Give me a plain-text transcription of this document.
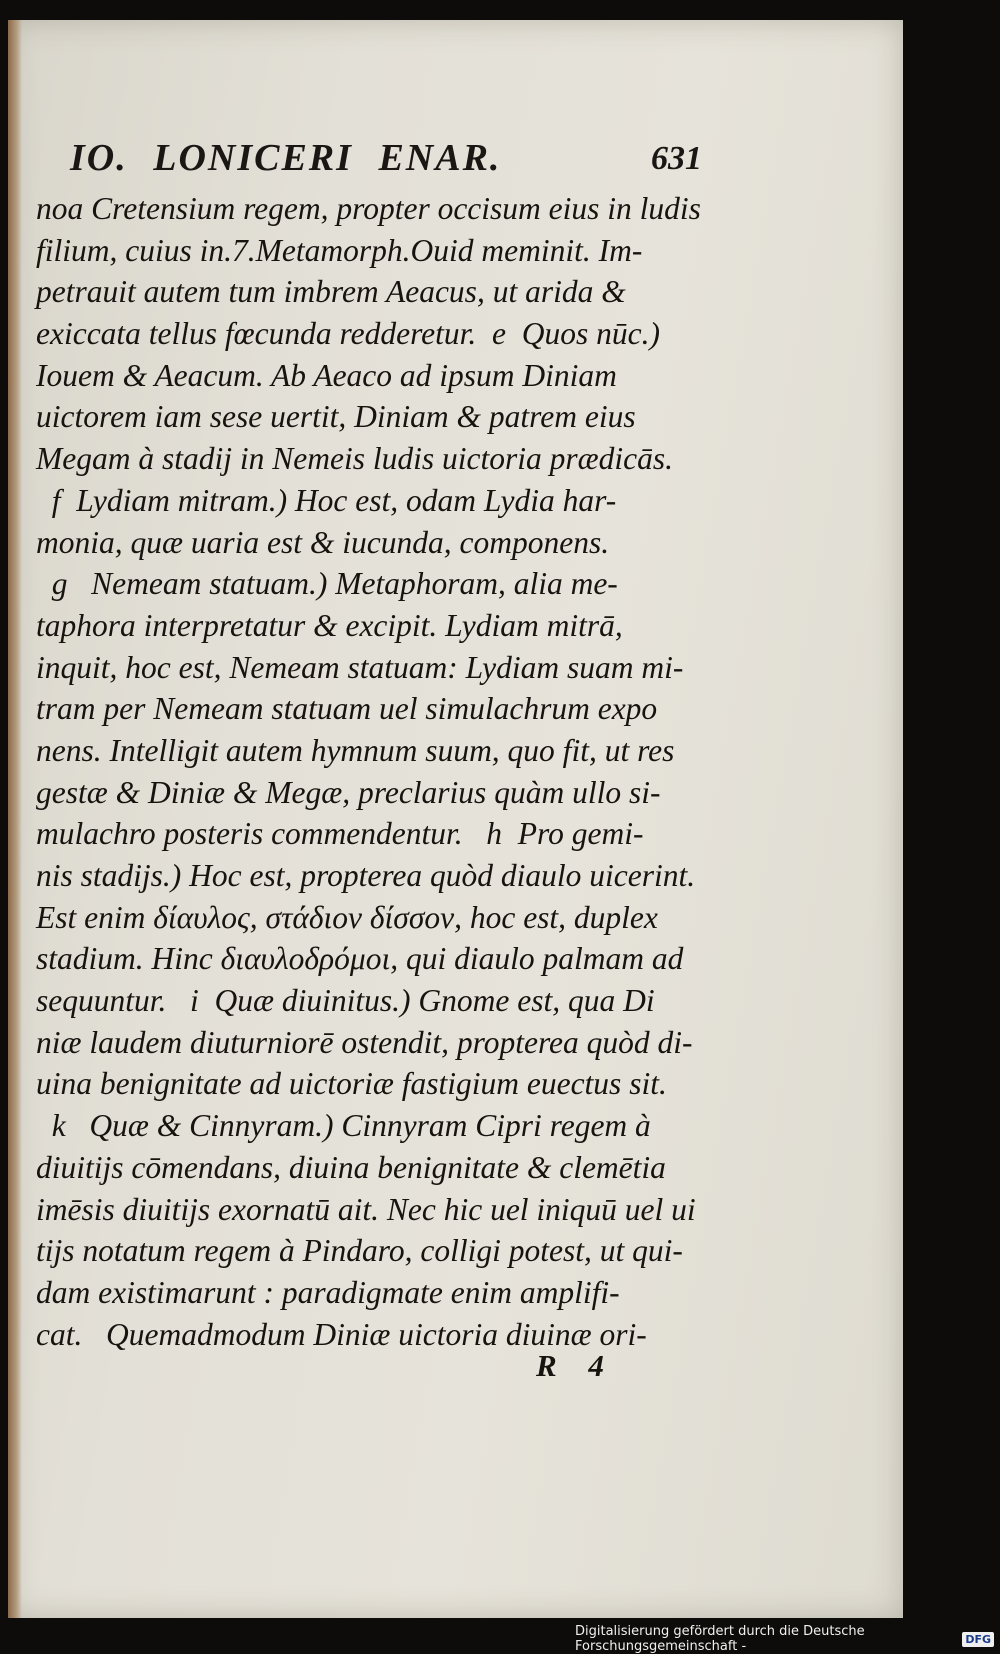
IO. LONICERI ENAR.	631
noa Cretensium regem, propter occisum eius in ludis
filium, cuius in.7.Metamorph.Ouid meminit. Im-
petrauit autem tum imbrem Aeacus, ut arida &
exiccata tellus fœcunda redderetur.  e  Quos nūc.)
Iouem & Aeacum. Ab Aeaco ad ipsum Diniam
uictorem iam sese uertit, Diniam & patrem eius
Megam à stadij in Nemeis ludis uictoria prædicās.
f  Lydiam mitram.) Hoc est, odam Lydia har-
monia, quæ uaria est & iucunda, componens.
g   Nemeam statuam.) Metaphoram, alia me-
taphora interpretatur & excipit. Lydiam mitrā,
inquit, hoc est, Nemeam statuam: Lydiam suam mi-
tram per Nemeam statuam uel simulachrum expo
nens. Intelligit autem hymnum suum, quo fit, ut res
gestæ & Diniæ & Megæ, preclarius quàm ullo si-
mulachro posteris commendentur.   h  Pro gemi-
nis stadijs.) Hoc est, propterea quòd diaulo uicerint.
Est enim δίαυλος, στάδιον δίσσον, hoc est, duplex
stadium. Hinc διαυλοδρόμοι, qui diaulo palmam ad
sequuntur.   i  Quæ diuinitus.) Gnome est, qua Di
niæ laudem diuturniorē ostendit, propterea quòd di-
uina benignitate ad uictoriæ fastigium euectus sit.
k   Quæ & Cinnyram.) Cinnyram Cipri regem à
diuitijs cōmendans, diuina benignitate & clemētia
imēsis diuitijs exornatū ait. Nec hic uel iniquū uel ui
tijs notatum regem à Pindaro, colligi potest, ut qui-
dam existimarunt : paradigmate enim amplifi-
cat.   Quemadmodum Diniæ uictoria diuinæ ori-
R 4
Digitalisierung gefördert durch die Deutsche Forschungsgemeinschaft -	DFG
